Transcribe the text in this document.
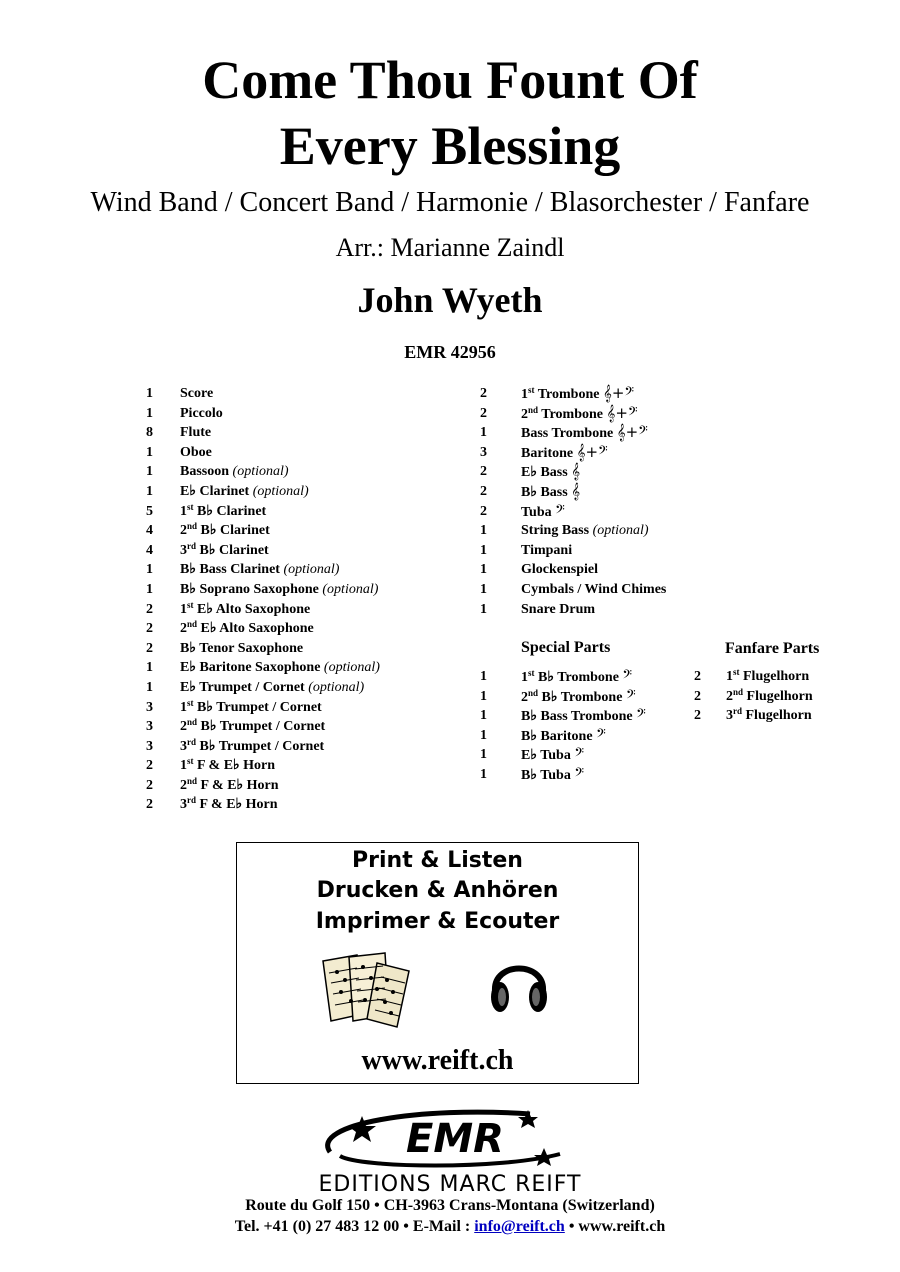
Come Thou Fount Of
Every Blessing
Wind Band / Concert Band / Harmonie / Blasorchester / Fanfare
Arr.: Marianne Zaindl
John Wyeth
EMR 42956
1 Score
1 Piccolo
8 Flute
1 Oboe
1 Bassoon (optional)
1 E♭ Clarinet (optional)
5 1st B♭ Clarinet
4 2nd B♭ Clarinet
4 3rd B♭ Clarinet
1 B♭ Bass Clarinet (optional)
1 B♭ Soprano Saxophone (optional)
2 1st E♭ Alto Saxophone
2 2nd E♭ Alto Saxophone
2 B♭ Tenor Saxophone
1 E♭ Baritone Saxophone (optional)
1 E♭ Trumpet / Cornet (optional)
3 1st B♭ Trumpet / Cornet
3 2nd B♭ Trumpet / Cornet
3 3rd B♭ Trumpet / Cornet
2 1st F & E♭ Horn
2 2nd F & E♭ Horn
2 3rd F & E♭ Horn
2 1st Trombone 𝄞+𝄢
2 2nd Trombone 𝄞+𝄢
1 Bass Trombone 𝄞+𝄢
3 Baritone 𝄞+𝄢
2 E♭ Bass 𝄞
2 B♭ Bass 𝄞
2 Tuba 𝄢
1 String Bass (optional)
1 Timpani
1 Glockenspiel
1 Cymbals / Wind Chimes
1 Snare Drum
Special Parts
1 1st B♭ Trombone 𝄢
1 2nd B♭ Trombone 𝄢
1 B♭ Bass Trombone 𝄢
1 B♭ Baritone 𝄢
1 E♭ Tuba 𝄢
1 B♭ Tuba 𝄢
Fanfare Parts
2 1st Flugelhorn
2 2nd Flugelhorn
2 3rd Flugelhorn
Print & Listen
Drucken & Anhören
Imprimer & Ecouter
www.reift.ch
EMR
EDITIONS MARC REIFT
Route du Golf 150 • CH-3963 Crans-Montana (Switzerland)
Tel. +41 (0) 27 483 12 00 • E-Mail : info@reift.ch • www.reift.ch
